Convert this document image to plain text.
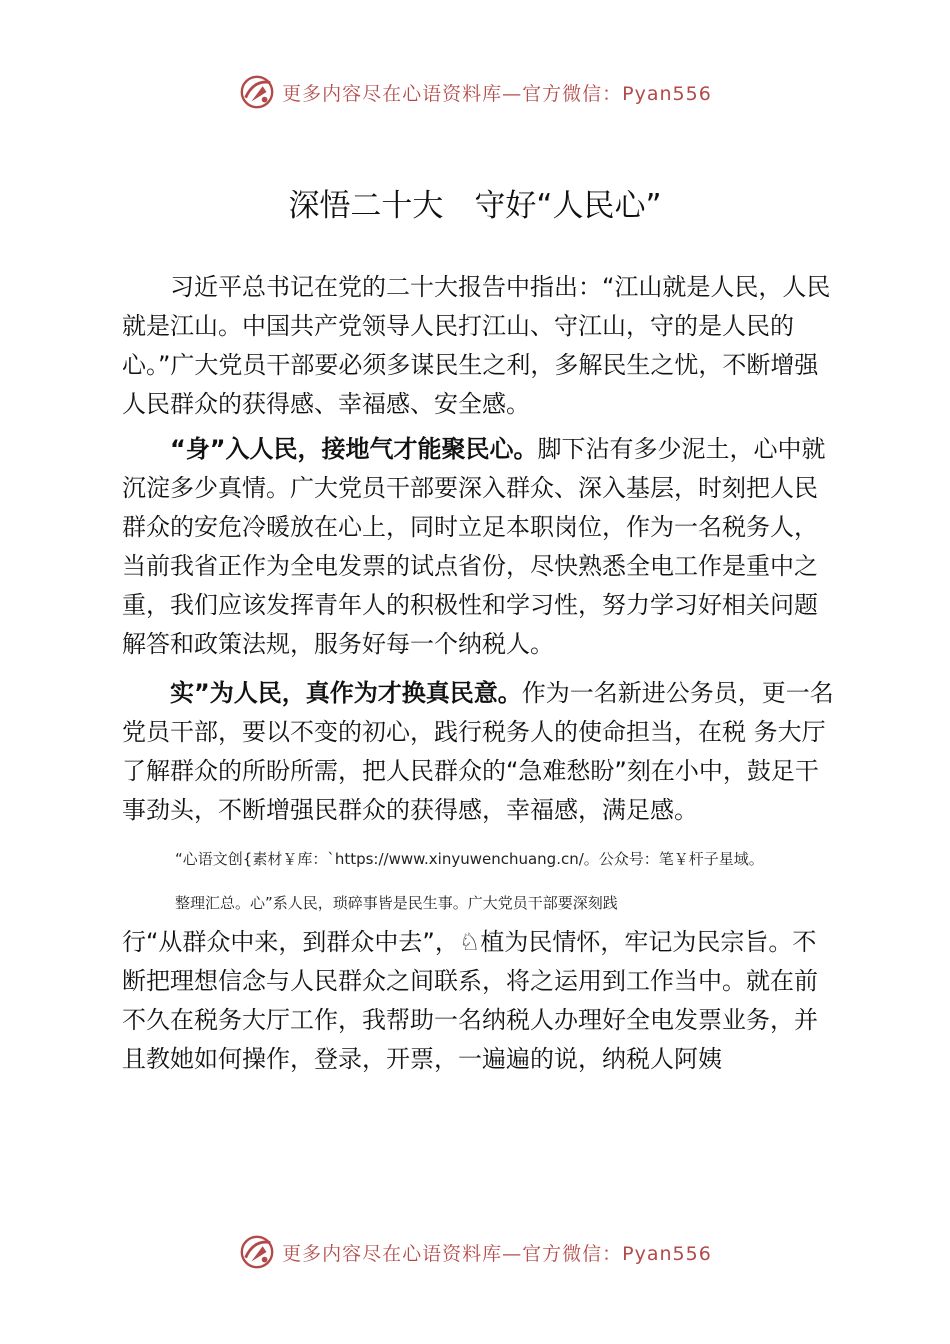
更多内容尽在心语资料库—官方微信：Pyan556
深悟二十大　守好“人民心”

习近平总书记在党的二十大报告中指出：“江山就是人民，人民就是江山。中国共产党领导人民打江山、守江山，守的是人民的心。”广大党员干部要必须多谋民生之利，多解民生之忧，不断增强人民群众的获得感、幸福感、安全感。

“身”入人民，接地气才能聚民心。脚下沾有多少泥土，心中就沉淀多少真情。广大党员干部要深入群众、深入基层，时刻把人民群众的安危冷暖放在心上，同时立足本职岗位，作为一名税务人，当前我省正作为全电发票的试点省份，尽快熟悉全电工作是重中之重，我们应该发挥青年人的积极性和学习性，努力学习好相关问题解答和政策法规，服务好每一个纳税人。

实”为人民，真作为才换真民意。作为一名新进公务员，更一名党员干部，要以不变的初心，践行税务人的使命担当，在税 务大厅了解群众的所盼所需，把人民群众的“急难愁盼”刻在小中，鼓足干事劲头，不断增强民群众的获得感，幸福感，满足感。

“心语文创{素材￥库：`https://www.xinyuwenchuang.cn/。公众号：笔￥杆子星域。
整理汇总。心”系人民，琐碎事皆是民生事。广大党员干部要深刻践

行“从群众中来，到群众中去”，♘植为民情怀，牢记为民宗旨。不断把理想信念与人民群众之间联系，将之运用到工作当中。就在前不久在税务大厅工作，我帮助一名纳税人办理好全电发票业务，并且教她如何操作，登录，开票，一遍遍的说，纳税人阿姨

更多内容尽在心语资料库—官方微信：Pyan556
